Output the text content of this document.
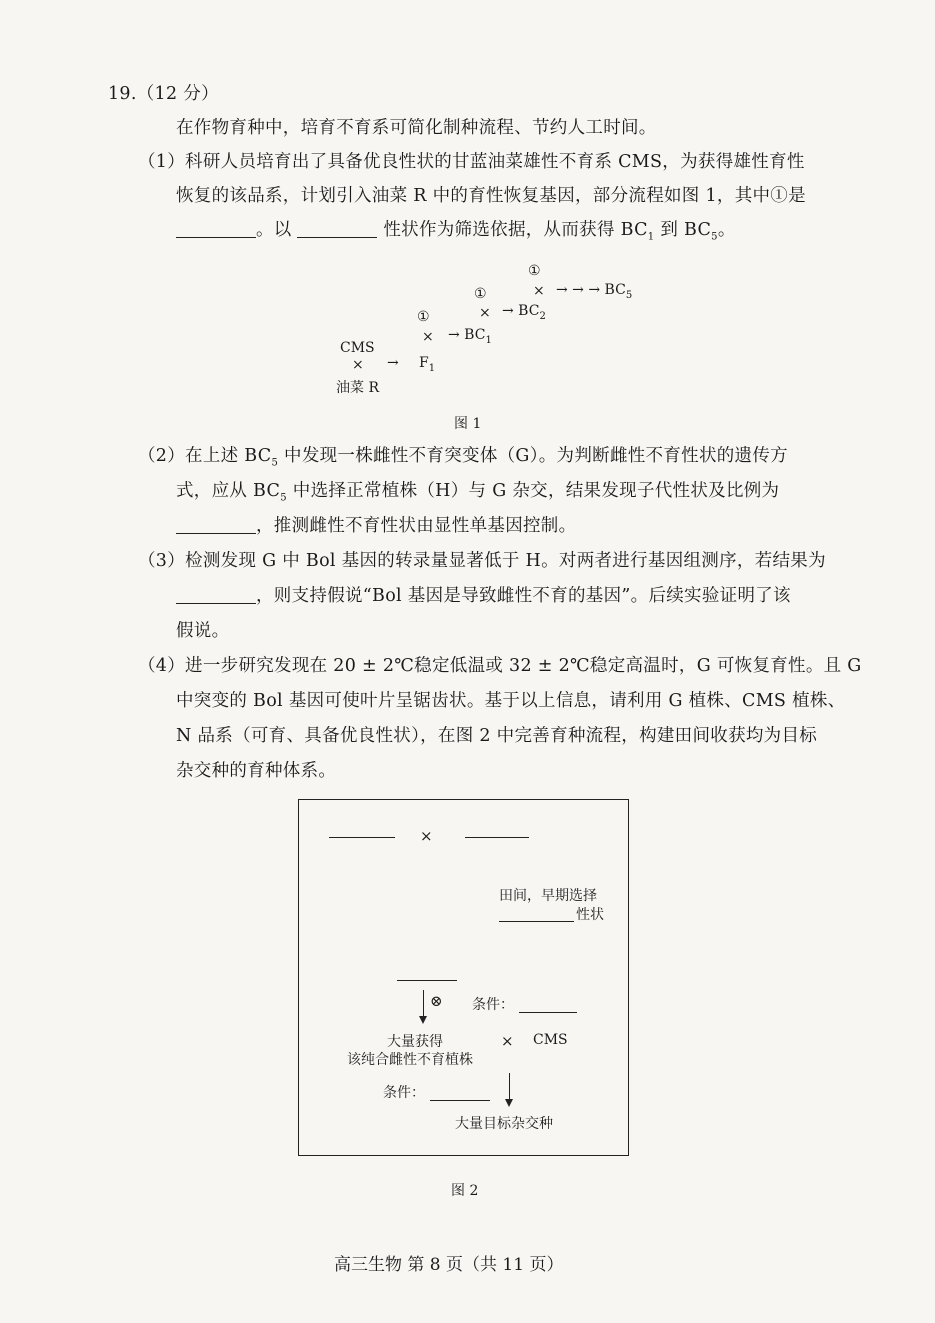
19.（12 分）
在作物育种中，培育不育系可简化制种流程、节约人工时间。
（1）科研人员培育出了具备优良性状的甘蓝油菜雄性不育系 CMS，为获得雄性育性
恢复的该品系，计划引入油菜 R 中的育性恢复基因，部分流程如图 1，其中①是
。以	性状作为筛选依据，从而获得 $BC_1$ 到 $BC_5$。
①
× → → → $BC_5$
①
× → $BC_2$
①
× → $BC_1$
CMS
× → $F_1$
油菜 R
图 1
（2）在上述 $BC_5$ 中发现一株雌性不育突变体（G）。为判断雌性不育性状的遗传方
式，应从 $BC_5$ 中选择正常植株（H）与 G 杂交，结果发现子代性状及比例为
，推测雌性不育性状由显性单基因控制。
（3）检测发现 G 中 Bol 基因的转录量显著低于 H。对两者进行基因组测序，若结果为
，则支持假说“Bol 基因是导致雌性不育的基因”。后续实验证明了该
假说。
（4）进一步研究发现在 20 ± 2℃稳定低温或 32 ± 2℃稳定高温时，G 可恢复育性。且 G
中突变的 Bol 基因可使叶片呈锯齿状。基于以上信息，请利用 G 植株、CMS 植株、
N 品系（可育、具备优良性状），在图 2 中完善育种流程，构建田间收获均为目标
杂交种的育种体系。
×
田间，早期选择
性状
⊗ 条件：
大量获得
该纯合雌性不育植株
× CMS
条件：
大量目标杂交种
图 2
高三生物 第 8 页（共 11 页）
